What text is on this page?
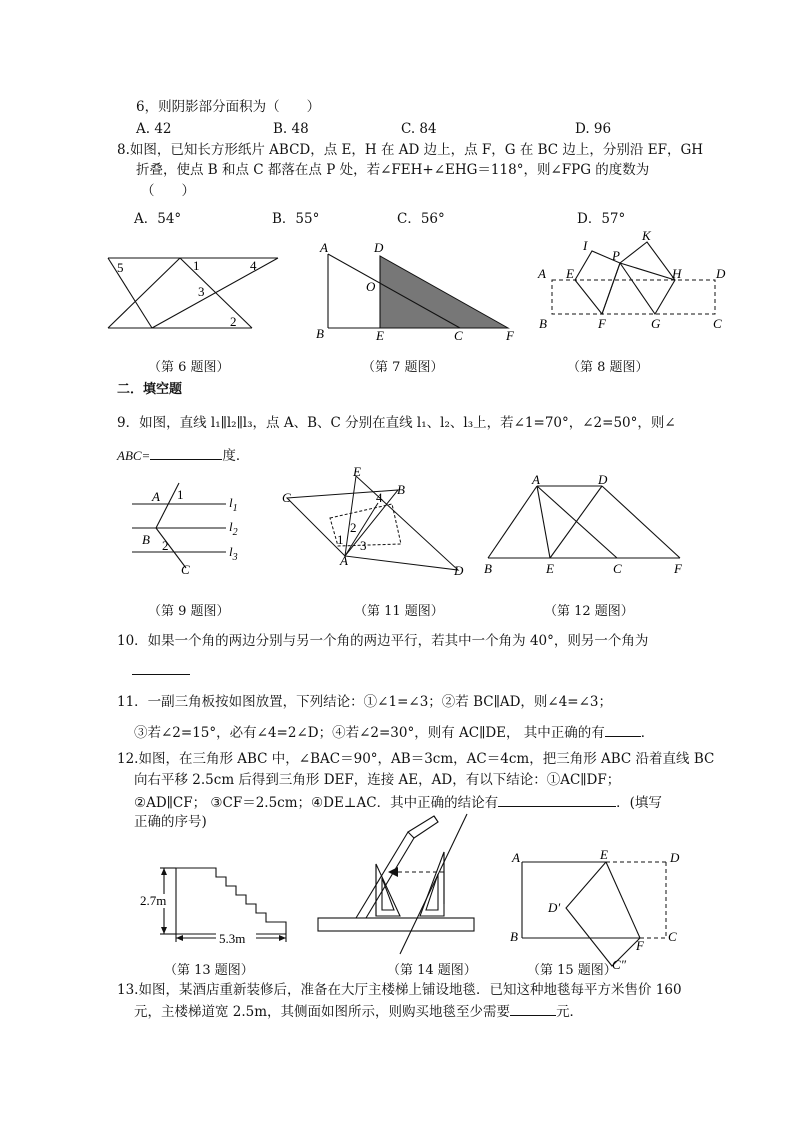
6，则阴影部分面积为（　　）
A. 42	B. 48	C. 84	D. 96
8.如图，已知长方形纸片 ABCD，点 E，H 在 AD 边上，点 F，G 在 BC 边上，分别沿 EF，GH
折叠，使点 B 和点 C 都落在点 P 处，若∠FEH+∠EHG＝118°，则∠FPG 的度数为
（　　）
A．54°	B．55°	C．56°	D．57°
5	1	4
3
2
A	D
O
B	E	C	F
I
K
P
A E	H	D
B	F	G	C
（第 6 题图）	（第 7 题图）	（第 8 题图）
二．填空题
9．如图，直线 l₁∥l₂∥l₃，点 A、B、C 分别在直线 l₁、l₂、l₃上，若∠1=70°，∠2=50°，则∠
ABC=	度．
A 1
$l_1$
$l_2$
B 2	$l_3$
C
E
C
B
4
2
1 3
A
D
A	D
B	E	C	F
（第 9 题图）	（第 11 题图）	（第 12 题图）
10．如果一个角的两边分别与另一个角的两边平行，若其中一个角为 40°，则另一个角为
11．一副三角板按如图放置，下列结论：①∠1=∠3；②若 BC∥AD，则∠4=∠3；
③若∠2=15°，必有∠4=2∠D；④若∠2=30°，则有 AC∥DE， 其中正确的有	．
12.如图，在三角形 ABC 中，∠BAC＝90°，AB＝3cm，AC＝4cm，把三角形 ABC 沿着直线 BC
向右平移 2.5cm 后得到三角形 DEF，连接 AE，AD，有以下结论：①AC∥DF；
②AD∥CF； ③CF＝2.5cm；④DE⊥AC．其中正确的结论有	．(填写
正确的序号)
2.7m
5.3m
A	E	D
D′
B
F
C
C″
（第 13 题图）	（第 14 题图）	（第 15 题图）
13.如图，某酒店重新装修后，准备在大厅主楼梯上铺设地毯．已知这种地毯每平方米售价 160
元，主楼梯道宽 2.5m，其侧面如图所示，则购买地毯至少需要	元．
